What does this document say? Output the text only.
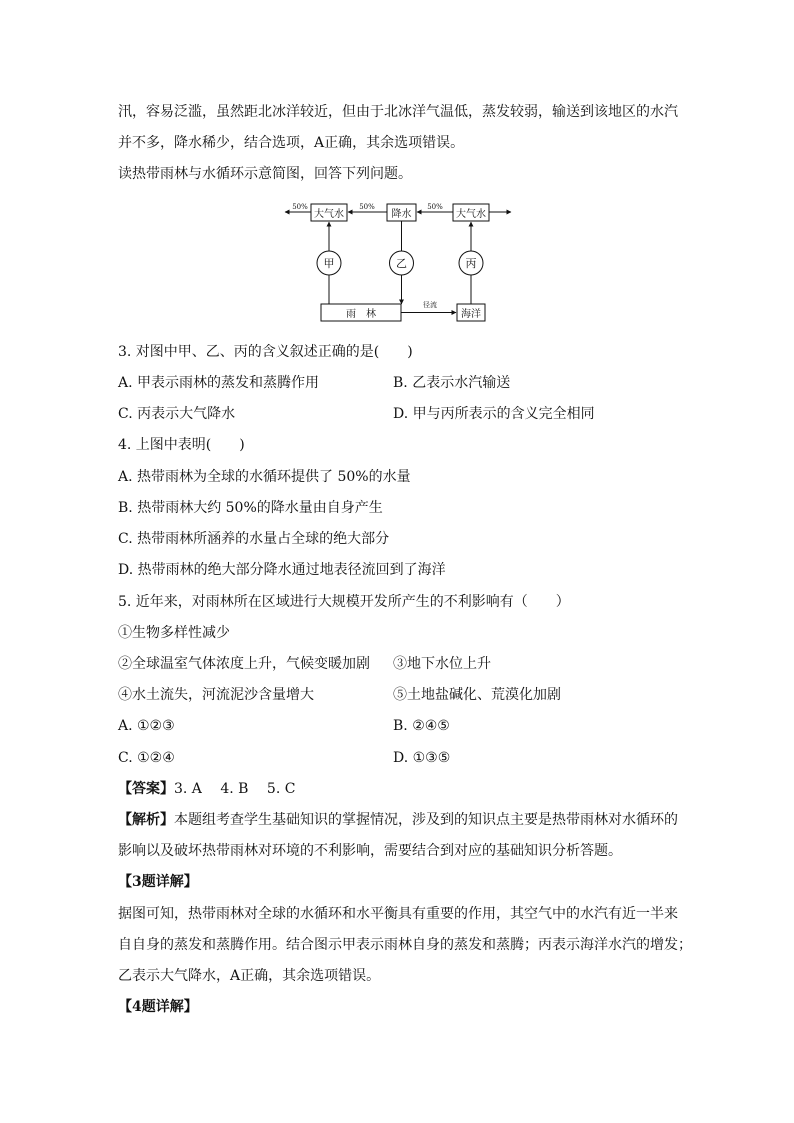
汛，容易泛滥，虽然距北冰洋较近，但由于北冰洋气温低，蒸发较弱，输送到该地区的水汽
并不多，降水稀少，结合选项，A正确，其余选项错误。
读热带雨林与水循环示意简图，回答下列问题。
大气水	降水	大气水
50%	50%	50%
甲	乙	丙
雨　林	海洋
径流
3. 对图中甲、乙、丙的含义叙述正确的是(　　)
A. 甲表示雨林的蒸发和蒸腾作用	B. 乙表示水汽输送
C. 丙表示大气降水	D. 甲与丙所表示的含义完全相同
4. 上图中表明(　　)
A. 热带雨林为全球的水循环提供了 50%的水量
B. 热带雨林大约 50%的降水量由自身产生
C. 热带雨林所涵养的水量占全球的绝大部分
D. 热带雨林的绝大部分降水通过地表径流回到了海洋
5. 近年来，对雨林所在区域进行大规模开发所产生的不利影响有（　　）
①生物多样性减少
②全球温室气体浓度上升，气候变暖加剧 ③地下水位上升
④水土流失，河流泥沙含量增大	⑤土地盐碱化、荒漠化加剧
A. ①②③	B. ②④⑤
C. ①②④	D. ①③⑤
【答案】3. A　 4. B　 5. C
【解析】本题组考查学生基础知识的掌握情况，涉及到的知识点主要是热带雨林对水循环的
影响以及破坏热带雨林对环境的不利影响，需要结合到对应的基础知识分析答题。
【3题详解】
据图可知，热带雨林对全球的水循环和水平衡具有重要的作用，其空气中的水汽有近一半来
自自身的蒸发和蒸腾作用。结合图示甲表示雨林自身的蒸发和蒸腾；丙表示海洋水汽的增发；
乙表示大气降水，A正确，其余选项错误。
【4题详解】
